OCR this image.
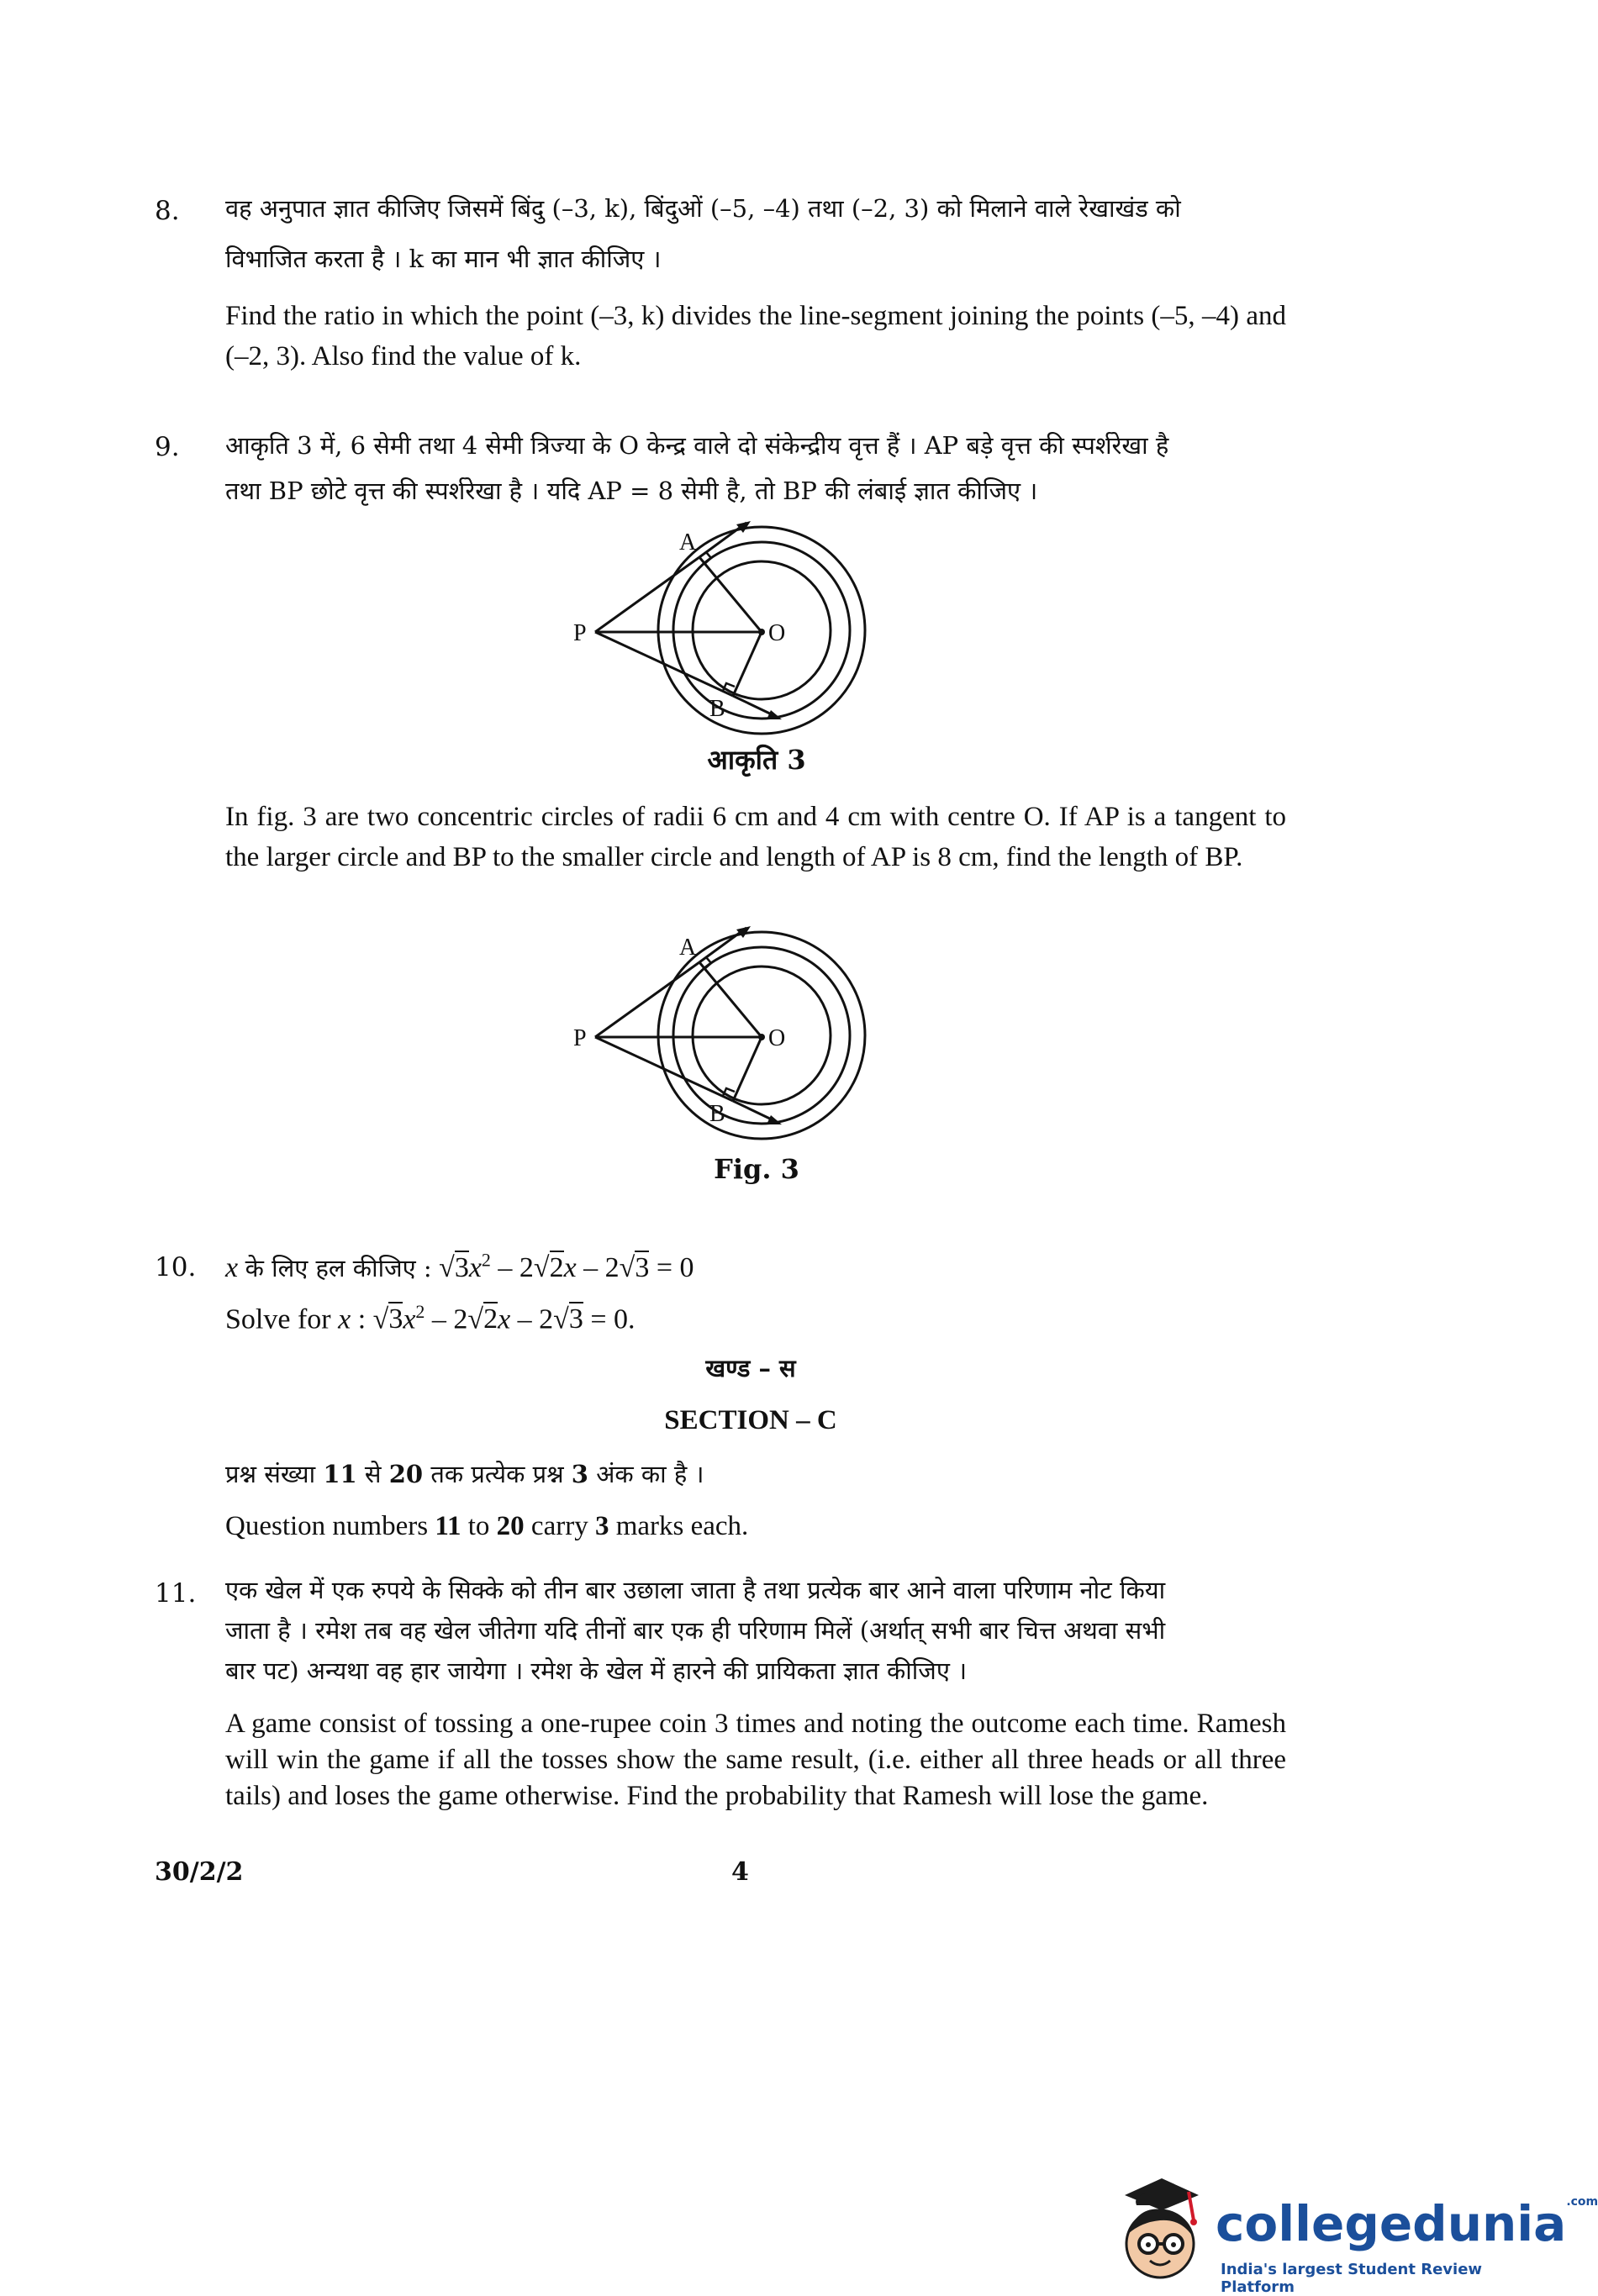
8. वह अनुपात ज्ञात कीजिए जिसमें बिंदु (–3, k), बिंदुओं (–5, –4) तथा (–2, 3) को मिलाने वाले रेखाखंड को
विभाजित करता है । k का मान भी ज्ञात कीजिए ।
Find the ratio in which the point (–3, k) divides the line-segment joining the points (–5, –4) and (–2, 3). Also find the value of k.
9. आकृति 3 में, 6 सेमी तथा 4 सेमी त्रिज्या के O केन्द्र वाले दो संकेन्द्रीय वृत्त हैं । AP बड़े वृत्त की स्पर्शरेखा है
तथा BP छोटे वृत्त की स्पर्शरेखा है । यदि AP = 8 सेमी है, तो BP की लंबाई ज्ञात कीजिए ।
A
P	O
B
आकृति 3
In fig. 3 are two concentric circles of radii 6 cm and 4 cm with centre O. If AP is a tangent to the larger circle and BP to the smaller circle and length of AP is 8 cm, find the length of BP.
A
P	O
B
Fig. 3
10. x के लिए हल कीजिए : $√3x^2 - 2√2x - 2√3 = 0$
Solve for x : $√3x^2 - 2√2x - 2√3 = 0$.
खण्ड – स
SECTION – C
प्रश्न संख्या 11 से 20 तक प्रत्येक प्रश्न 3 अंक का है ।
Question numbers 11 to 20 carry 3 marks each.
11. एक खेल में एक रुपये के सिक्के को तीन बार उछाला जाता है तथा प्रत्येक बार आने वाला परिणाम नोट किया
जाता है । रमेश तब वह खेल जीतेगा यदि तीनों बार एक ही परिणाम मिलें (अर्थात् सभी बार चित्त अथवा सभी
बार पट) अन्यथा वह हार जायेगा । रमेश के खेल में हारने की प्रायिकता ज्ञात कीजिए ।
A game consist of tossing a one-rupee coin 3 times and noting the outcome each time. Ramesh will win the game if all the tosses show the same result, (i.e. either all three heads or all three tails) and loses the game otherwise. Find the probability that Ramesh will lose the game.
30/2/2	4
collegedunia$^{.com}$
India's largest Student Review Platform
